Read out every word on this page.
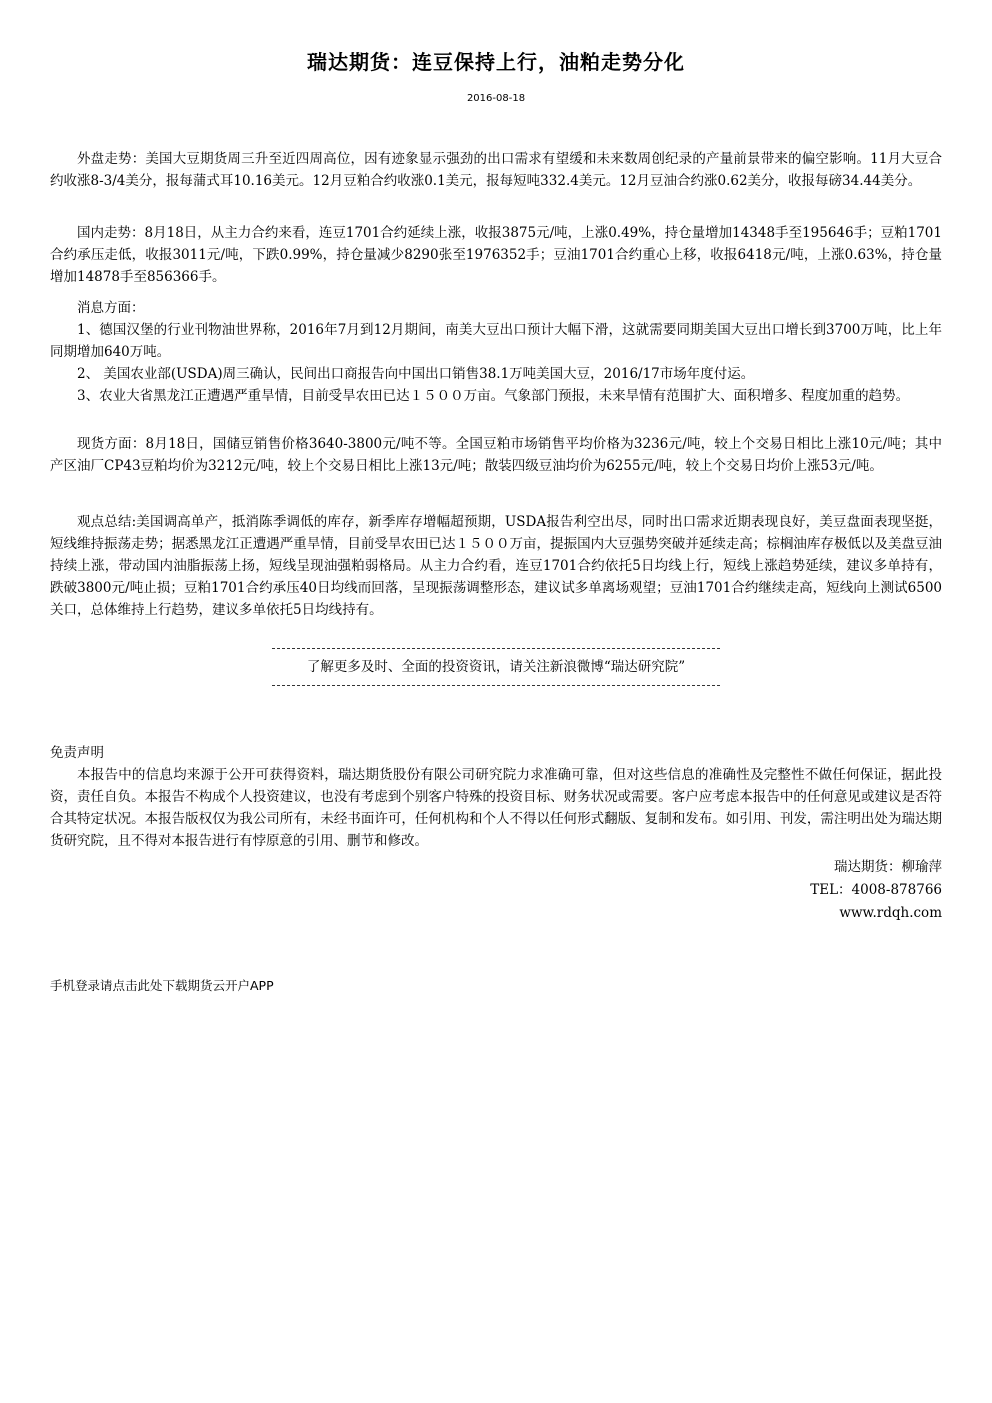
瑞达期货：连豆保持上行，油粕走势分化
2016-08-18

外盘走势：美国大豆期货周三升至近四周高位，因有迹象显示强劲的出口需求有望缓和未来数周创纪录的产量前景带来的偏空影响。11月大豆合约收涨8-3/4美分，报每蒲式耳10.16美元。12月豆粕合约收涨0.1美元，报每短吨332.4美元。12月豆油合约涨0.62美分，收报每磅34.44美分。

国内走势：8月18日，从主力合约来看，连豆1701合约延续上涨，收报3875元/吨，上涨0.49%，持仓量增加14348手至195646手；豆粕1701合约承压走低，收报3011元/吨，下跌0.99%，持仓量减少8290张至1976352手；豆油1701合约重心上移，收报6418元/吨，上涨0.63%，持仓量增加14878手至856366手。

消息方面：

1、德国汉堡的行业刊物油世界称，2016年7月到12月期间，南美大豆出口预计大幅下滑，这就需要同期美国大豆出口增长到3700万吨，比上年同期增加640万吨。

2、 美国农业部(USDA)周三确认，民间出口商报告向中国出口销售38.1万吨美国大豆，2016/17市场年度付运。

3、农业大省黑龙江正遭遇严重旱情，目前受旱农田已达１５００万亩。气象部门预报，未来旱情有范围扩大、面积增多、程度加重的趋势。

现货方面：8月18日，国储豆销售价格3640-3800元/吨不等。全国豆粕市场销售平均价格为3236元/吨，较上个交易日相比上涨10元/吨；其中产区油厂CP43豆粕均价为3212元/吨，较上个交易日相比上涨13元/吨；散装四级豆油均价为6255元/吨，较上个交易日均价上涨53元/吨。

观点总结:美国调高单产，抵消陈季调低的库存，新季库存增幅超预期，USDA报告利空出尽，同时出口需求近期表现良好，美豆盘面表现坚挺，短线维持振荡走势；据悉黑龙江正遭遇严重旱情，目前受旱农田已达１５００万亩，提振国内大豆强势突破并延续走高；棕榈油库存极低以及美盘豆油持续上涨，带动国内油脂振荡上扬，短线呈现油强粕弱格局。从主力合约看，连豆1701合约依托5日均线上行，短线上涨趋势延续，建议多单持有，跌破3800元/吨止损；豆粕1701合约承压40日均线而回落，呈现振荡调整形态，建议试多单离场观望；豆油1701合约继续走高，短线向上测试6500关口，总体维持上行趋势，建议多单依托5日均线持有。

了解更多及时、全面的投资资讯，请关注新浪微博“瑞达研究院”

免责声明

本报告中的信息均来源于公开可获得资料，瑞达期货股份有限公司研究院力求准确可靠，但对这些信息的准确性及完整性不做任何保证，据此投资，责任自负。本报告不构成个人投资建议，也没有考虑到个别客户特殊的投资目标、财务状况或需要。客户应考虑本报告中的任何意见或建议是否符合其特定状况。本报告版权仅为我公司所有，未经书面许可，任何机构和个人不得以任何形式翻版、复制和发布。如引用、刊发，需注明出处为瑞达期货研究院，且不得对本报告进行有悖原意的引用、删节和修改。

瑞达期货：柳瑜萍
TEL：4008-878766
www.rdqh.com
手机登录请点击此处下载期货云开户APP
